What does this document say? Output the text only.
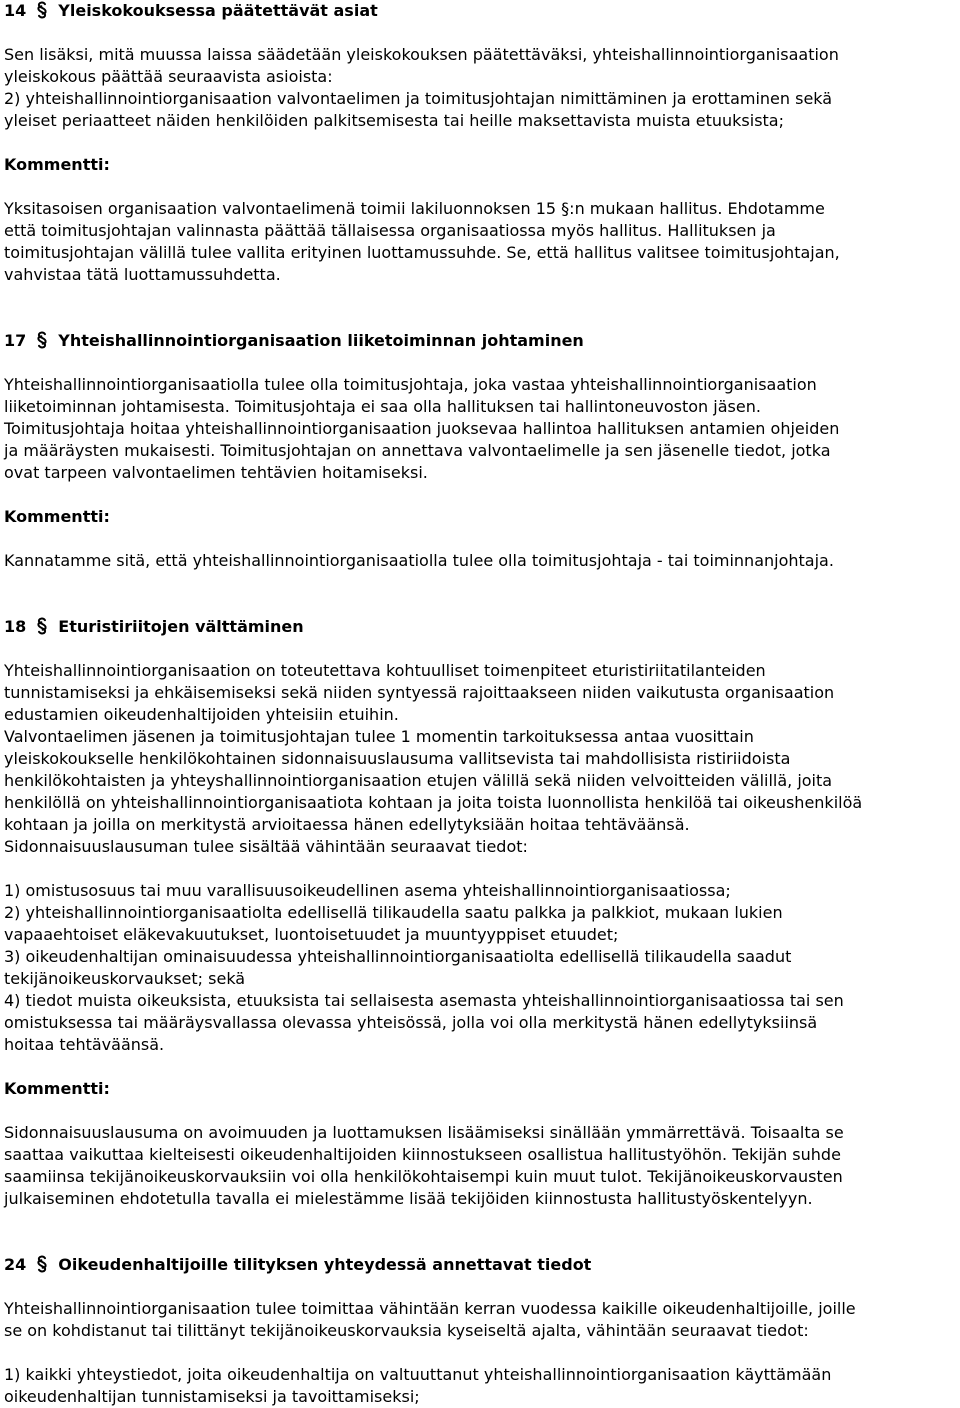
14 Yleiskokouksessa päätettävät asiat
Sen lisäksi, mitä muussa laissa säädetään yleiskokouksen päätettäväksi, yhteishallinnointiorganisaation
yleiskokous päättää seuraavista asioista:
2) yhteishallinnointiorganisaation valvontaelimen ja toimitusjohtajan nimittäminen ja erottaminen sekä
yleiset periaatteet näiden henkilöiden palkitsemisesta tai heille maksettavista muista etuuksista;
Kommentti:
Yksitasoisen organisaation valvontaelimenä toimii lakiluonnoksen 15 §:n mukaan hallitus. Ehdotamme
että toimitusjohtajan valinnasta päättää tällaisessa organisaatiossa myös hallitus. Hallituksen ja
toimitusjohtajan välillä tulee vallita erityinen luottamussuhde. Se, että hallitus valitsee toimitusjohtajan,
vahvistaa tätä luottamussuhdetta.
17 Yhteishallinnointiorganisaation liiketoiminnan johtaminen
Yhteishallinnointiorganisaatiolla tulee olla toimitusjohtaja, joka vastaa yhteishallinnointiorganisaation
liiketoiminnan johtamisesta. Toimitusjohtaja ei saa olla hallituksen tai hallintoneuvoston jäsen.
Toimitusjohtaja hoitaa yhteishallinnointiorganisaation juoksevaa hallintoa hallituksen antamien ohjeiden
ja määräysten mukaisesti. Toimitusjohtajan on annettava valvontaelimelle ja sen jäsenelle tiedot, jotka
ovat tarpeen valvontaelimen tehtävien hoitamiseksi.
Kommentti:
Kannatamme sitä, että yhteishallinnointiorganisaatiolla tulee olla toimitusjohtaja - tai toiminnanjohtaja.
18 Eturistiriitojen välttäminen
Yhteishallinnointiorganisaation on toteutettava kohtuulliset toimenpiteet eturistiriitatilanteiden
tunnistamiseksi ja ehkäisemiseksi sekä niiden syntyessä rajoittaakseen niiden vaikutusta organisaation
edustamien oikeudenhaltijoiden yhteisiin etuihin.
Valvontaelimen jäsenen ja toimitusjohtajan tulee 1 momentin tarkoituksessa antaa vuosittain
yleiskokoukselle henkilökohtainen sidonnaisuuslausuma vallitsevista tai mahdollisista ristiriidoista
henkilökohtaisten ja yhteyshallinnointiorganisaation etujen välillä sekä niiden velvoitteiden välillä, joita
henkilöllä on yhteishallinnointiorganisaatiota kohtaan ja joita toista luonnollista henkilöä tai oikeushenkilöä
kohtaan ja joilla on merkitystä arvioitaessa hänen edellytyksiään hoitaa tehtäväänsä.
Sidonnaisuuslausuman tulee sisältää vähintään seuraavat tiedot:
1) omistusosuus tai muu varallisuusoikeudellinen asema yhteishallinnointiorganisaatiossa;
2) yhteishallinnointiorganisaatiolta edellisellä tilikaudella saatu palkka ja palkkiot, mukaan lukien
vapaaehtoiset eläkevakuutukset, luontoisetuudet ja muuntyyppiset etuudet;
3) oikeudenhaltijan ominaisuudessa yhteishallinnointiorganisaatiolta edellisellä tilikaudella saadut
tekijänoikeuskorvaukset; sekä
4) tiedot muista oikeuksista, etuuksista tai sellaisesta asemasta yhteishallinnointiorganisaatiossa tai sen
omistuksessa tai määräysvallassa olevassa yhteisössä, jolla voi olla merkitystä hänen edellytyksiinsä
hoitaa tehtäväänsä.
Kommentti:
Sidonnaisuuslausuma on avoimuuden ja luottamuksen lisäämiseksi sinällään ymmärrettävä. Toisaalta se
saattaa vaikuttaa kielteisesti oikeudenhaltijoiden kiinnostukseen osallistua hallitustyöhön. Tekijän suhde
saamiinsa tekijänoikeuskorvauksiin voi olla henkilökohtaisempi kuin muut tulot. Tekijänoikeuskorvausten
julkaiseminen ehdotetulla tavalla ei mielestämme lisää tekijöiden kiinnostusta hallitustyöskentelyyn.
24 Oikeudenhaltijoille tilityksen yhteydessä annettavat tiedot
Yhteishallinnointiorganisaation tulee toimittaa vähintään kerran vuodessa kaikille oikeudenhaltijoille, joille
se on kohdistanut tai tilittänyt tekijänoikeuskorvauksia kyseiseltä ajalta, vähintään seuraavat tiedot:
1) kaikki yhteystiedot, joita oikeudenhaltija on valtuuttanut yhteishallinnointiorganisaation käyttämään
oikeudenhaltijan tunnistamiseksi ja tavoittamiseksi;
